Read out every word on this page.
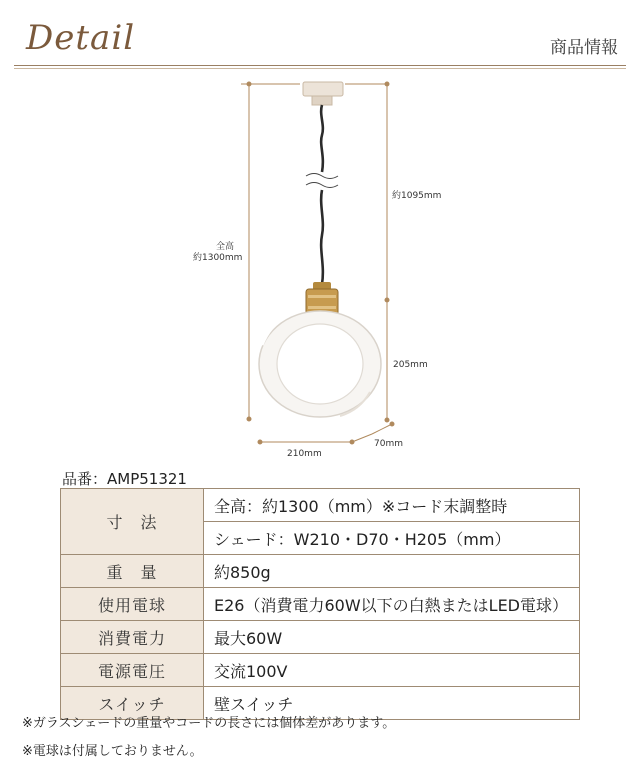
Detail	商品情報
全高
約1300mm
約1095mm
205mm
210mm
70mm
品番：AMP51321
寸　法	全高：約1300（mm）※コード末調整時
	シェード：W210・D70・H205（mm）
重　量	約850g
使用電球	E26（消費電力60W以下の白熱またはLED電球）
消費電力	最大60W
電源電圧	交流100V
スイッチ	壁スイッチ
※ガラスシェードの重量やコードの長さには個体差があります。
※電球は付属しておりません。
